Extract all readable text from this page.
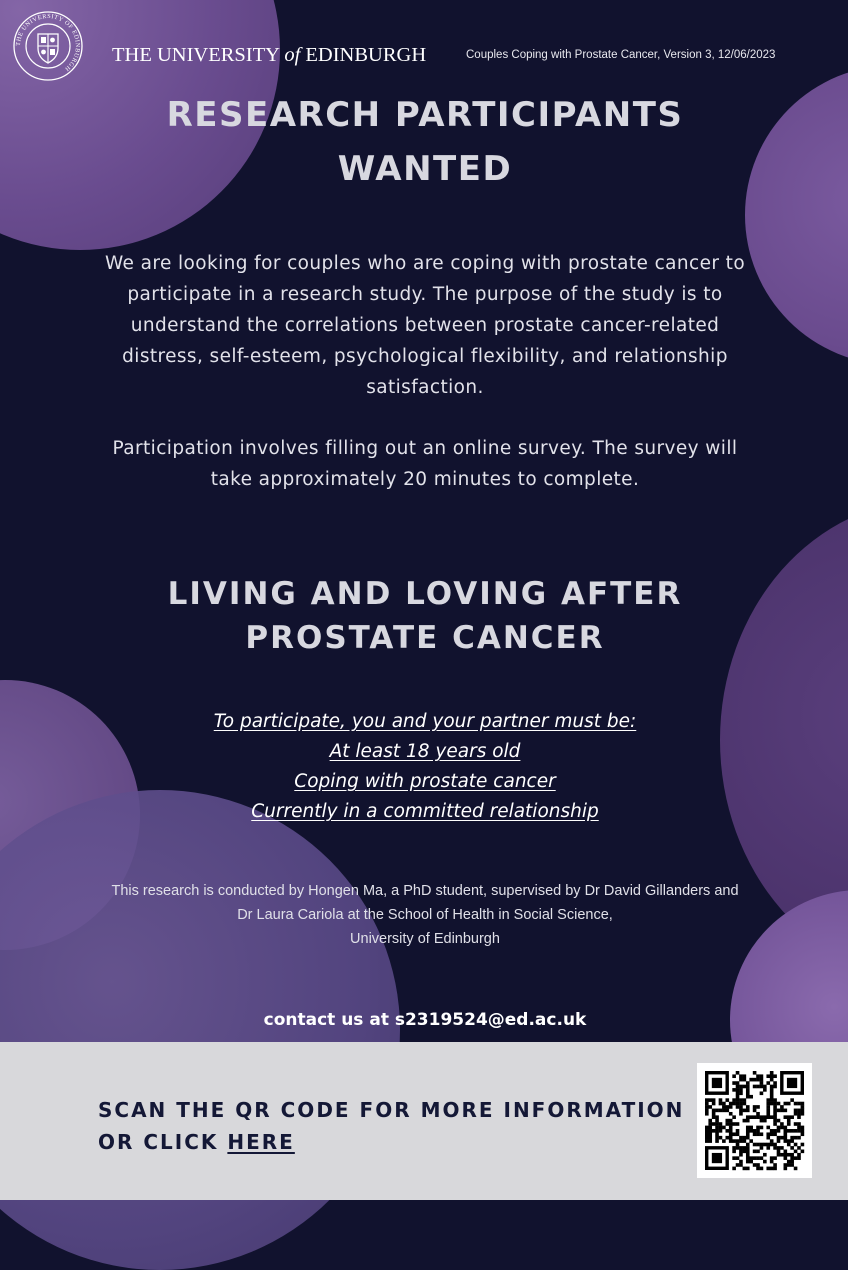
THE UNIVERSITY OF EDINBURGH
THE UNIVERSITY of EDINBURGH	Couples Coping with Prostate Cancer, Version 3, 12/06/2023
RESEARCH PARTICIPANTS WANTED
We are looking for couples who are coping with prostate cancer to participate in a research study. The purpose of the study is to understand the correlations between prostate cancer-related distress, self-esteem, psychological flexibility, and relationship satisfaction.
Participation involves filling out an online survey. The survey will take approximately 20 minutes to complete.
LIVING AND LOVING AFTER PROSTATE CANCER
To participate, you and your partner must be:
At least 18 years old
Coping with prostate cancer
Currently in a committed relationship
This research is conducted by Hongen Ma, a PhD student, supervised by Dr David Gillanders and Dr Laura Cariola at the School of Health in Social Science,
University of Edinburgh
contact us at s2319524@ed.ac.uk
SCAN THE QR CODE FOR MORE INFORMATION
OR CLICK HERE
